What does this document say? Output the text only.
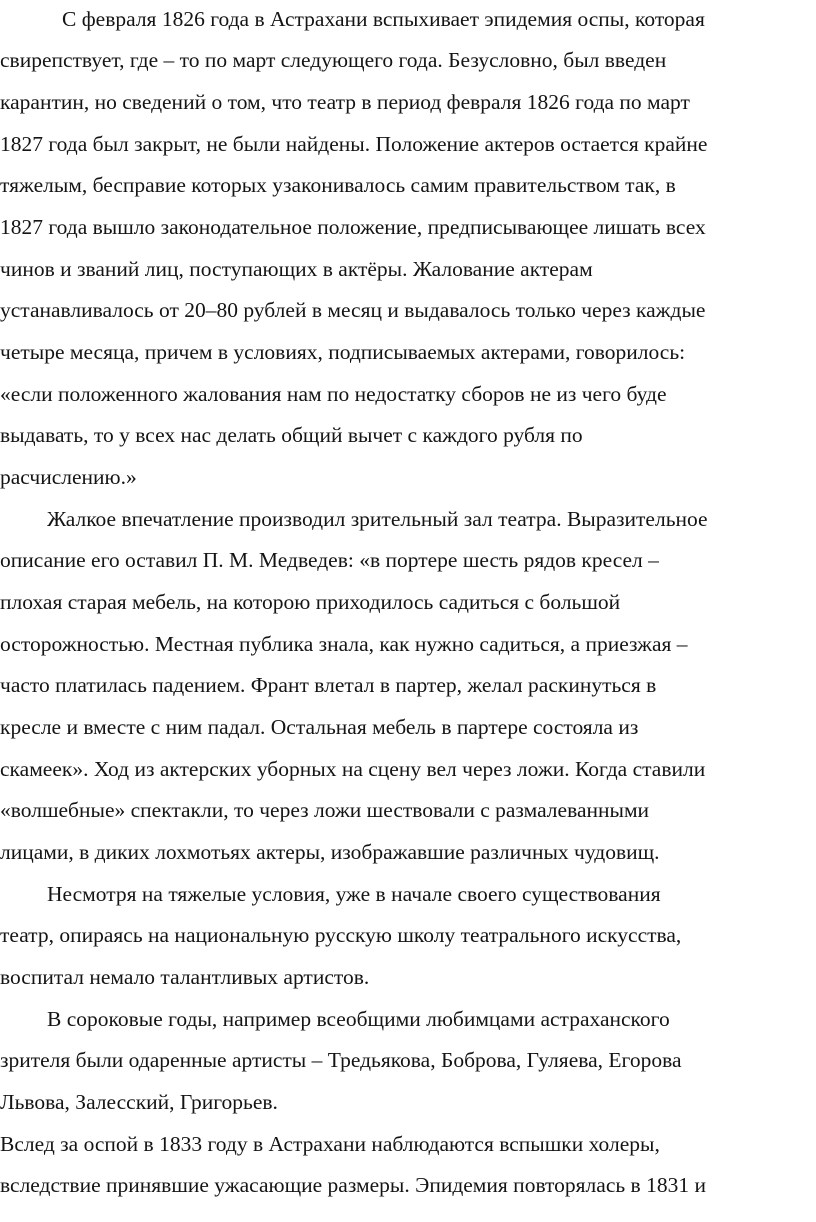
С февраля 1826 года в Астрахани вспыхивает эпидемия оспы, которая
свирепствует, где – то по март следующего года. Безусловно, был введен
карантин, но сведений о том, что театр в период февраля 1826 года по март
1827 года был закрыт, не были найдены. Положение актеров остается крайне
тяжелым, бесправие которых узаконивалось самим правительством так, в
1827 года вышло законодательное положение, предписывающее лишать всех
чинов и званий лиц, поступающих в актёры. Жалование актерам
устанавливалось от 20–80 рублей в месяц и выдавалось только через каждые
четыре месяца, причем в условиях, подписываемых актерами, говорилось:
«если положенного жалования нам по недостатку сборов не из чего буде
выдавать, то у всех нас делать общий вычет с каждого рубля по
расчислению.»
Жалкое впечатление производил зрительный зал театра. Выразительное
описание его оставил П. М. Медведев: «в портере шесть рядов кресел –
плохая старая мебель, на которою приходилось садиться с большой
осторожностью. Местная публика знала, как нужно садиться, а приезжая –
часто платилась падением. Франт влетал в партер, желал раскинуться в
кресле и вместе с ним падал. Остальная мебель в партере состояла из
скамеек». Ход из актерских уборных на сцену вел через ложи. Когда ставили
«волшебные» спектакли, то через ложи шествовали с размалеванными
лицами, в диких лохмотьях актеры, изображавшие различных чудовищ.
Несмотря на тяжелые условия, уже в начале своего существования
театр, опираясь на национальную русскую школу театрального искусства,
воспитал немало талантливых артистов.
В сороковые годы, например всеобщими любимцами астраханского
зрителя были одаренные артисты – Тредьякова, Боброва, Гуляева, Егорова
Львова, Залесский, Григорьев.
Вслед за оспой в 1833 году в Астрахани наблюдаются вспышки холеры,
вследствие принявшие ужасающие размеры. Эпидемия повторялась в 1831 и
